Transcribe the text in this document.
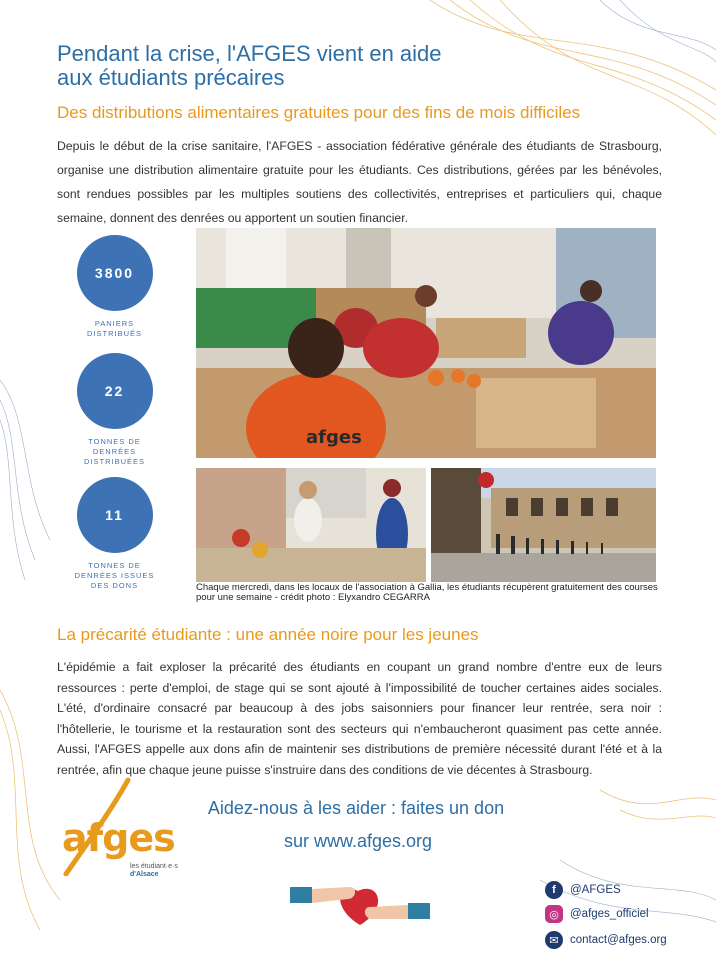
Pendant la crise, l'AFGES vient en aide
aux étudiants précaires
Des distributions alimentaires gratuites pour des fins de mois difficiles

Depuis le début de la crise sanitaire, l'AFGES - association fédérative générale des étudiants de Strasbourg, organise une distribution alimentaire gratuite pour les étudiants. Ces distributions, gérées par les bénévoles, sont rendues possibles par les multiples soutiens des collectivités, entreprises et particuliers qui, chaque semaine, donnent des denrées ou apportent un soutien financier.

3800
PANIERS DISTRIBUÉS
22
TONNES DE DENRÉES DISTRIBUÉES
11
TONNES DE DENRÉES ISSUES DES DONS
afges

Chaque mercredi, dans les locaux de l'association à Gallia, les étudiants récupèrent gratuitement des courses pour une semaine - crédit photo : Elyxandro CEGARRA

La précarité étudiante : une année noire pour les jeunes

L'épidémie a fait exploser la précarité des étudiants en coupant un grand nombre d'entre eux de leurs ressources : perte d'emploi, de stage qui se sont ajouté à l'impossibilité de toucher certaines aides sociales. L'été, d'ordinaire consacré par beaucoup à des jobs saisonniers pour financer leur rentrée, sera noir : l'hôtellerie, le tourisme et la restauration sont des secteurs qui n'embaucheront quasiment pas cette année. Aussi, l'AFGES appelle aux dons afin de maintenir ses distributions de première nécessité durant l'été et à la rentrée, afin que chaque jeune puisse s'instruire dans des conditions de vie décentes à Strasbourg.

Aidez-nous à les aider : faites un don
sur www.afges.org
afges
les étudiant·e·s
d'Alsace
f	@AFGES
◎ @afges_officiel
✉ contact@afges.org
